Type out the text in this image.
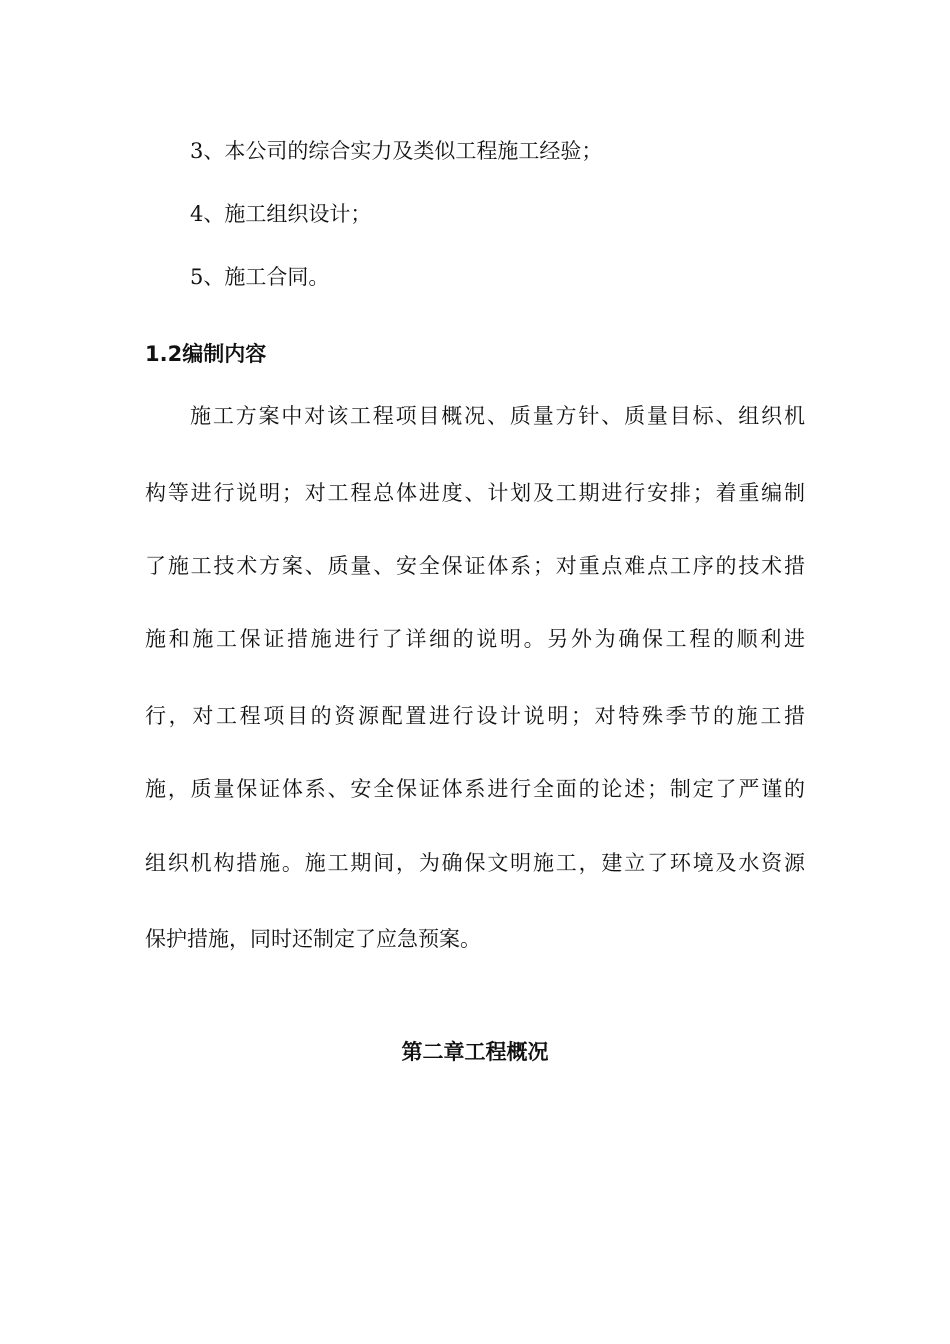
3、本公司的综合实力及类似工程施工经验；

4、施工组织设计；

5、施工合同。

1.2编制内容

施工方案中对该工程项目概况、质量方针、质量目标、组织机

构等进行说明；对工程总体进度、计划及工期进行安排；着重编制

了施工技术方案、质量、安全保证体系；对重点难点工序的技术措

施和施工保证措施进行了详细的说明。另外为确保工程的顺利进

行，对工程项目的资源配置进行设计说明；对特殊季节的施工措

施，质量保证体系、安全保证体系进行全面的论述；制定了严谨的

组织机构措施。施工期间，为确保文明施工，建立了环境及水资源

保护措施，同时还制定了应急预案。

第二章工程概况
